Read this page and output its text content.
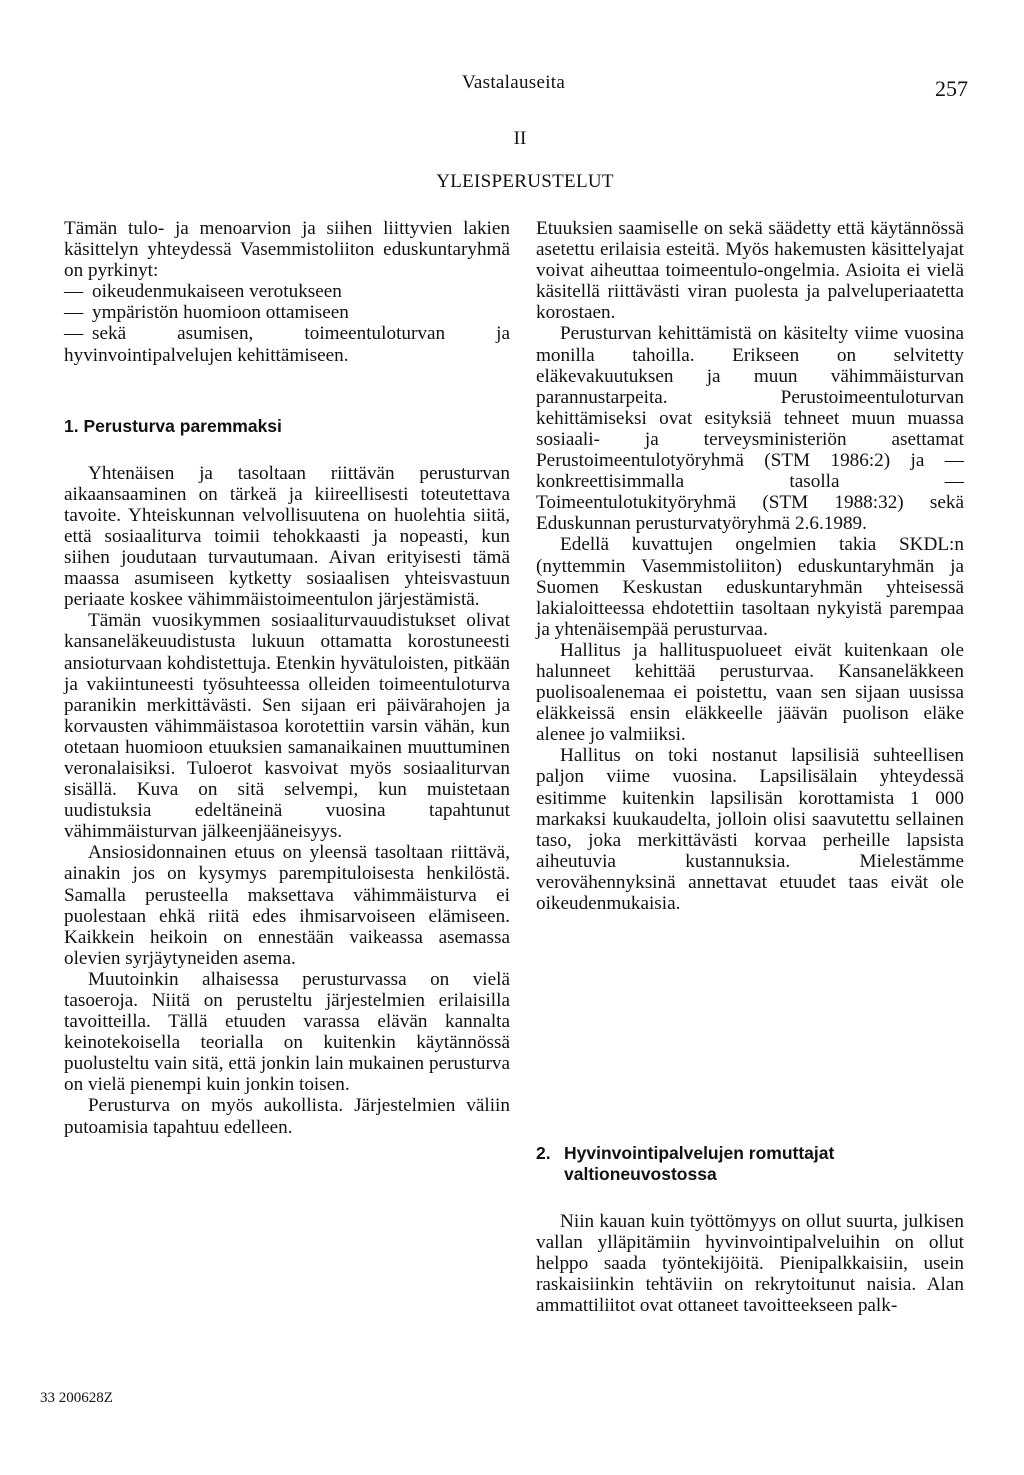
Vastalauseita	257
II
YLEISPERUSTELUT

Tämän tulo- ja menoarvion ja siihen liittyvien lakien käsittelyn yhteydessä Vasemmistoliiton eduskuntaryhmä on pyrkinyt:

— oikeudenmukaiseen verotukseen

— ympäristön huomioon ottamiseen

— sekä asumisen, toimeentuloturvan ja hyvinvointipalvelujen kehittämiseen.

1. Perusturva paremmaksi

Yhtenäisen ja tasoltaan riittävän perusturvan aikaansaaminen on tärkeä ja kiireellisesti toteutettava tavoite. Yhteiskunnan velvollisuutena on huolehtia siitä, että sosiaaliturva toimii tehokkaasti ja nopeasti, kun siihen joudutaan turvautumaan. Aivan erityisesti tämä maassa asumiseen kytketty sosiaalisen yhteisvastuun periaate koskee vähimmäistoimeentulon järjestämistä.

Tämän vuosikymmen sosiaaliturvauudistukset olivat kansaneläkeuudistusta lukuun ottamatta korostuneesti ansioturvaan kohdistettuja. Etenkin hyvätuloisten, pitkään ja vakiintuneesti työsuhteessa olleiden toimeentuloturva paranikin merkittävästi. Sen sijaan eri päivärahojen ja korvausten vähimmäistasoa korotettiin varsin vähän, kun otetaan huomioon etuuksien samanaikainen muuttuminen veronalaisiksi. Tuloerot kasvoivat myös sosiaaliturvan sisällä. Kuva on sitä selvempi, kun muistetaan uudistuksia edeltäneinä vuosina tapahtunut vähimmäisturvan jälkeenjääneisyys.

Ansiosidonnainen etuus on yleensä tasoltaan riittävä, ainakin jos on kysymys parempituloisesta henkilöstä. Samalla perusteella maksettava vähimmäisturva ei puolestaan ehkä riitä edes ihmisarvoiseen elämiseen. Kaikkein heikoin on ennestään vaikeassa asemassa olevien syrjäytyneiden asema.

Muutoinkin alhaisessa perusturvassa on vielä tasoeroja. Niitä on perusteltu järjestelmien erilaisilla tavoitteilla. Tällä etuuden varassa elävän kannalta keinotekoisella teorialla on kuitenkin käytännössä puolusteltu vain sitä, että jonkin lain mukainen perusturva on vielä pienempi kuin jonkin toisen.

Perusturva on myös aukollista. Järjestelmien väliin putoamisia tapahtuu edelleen.

Etuuksien saamiselle on sekä säädetty että käytännössä asetettu erilaisia esteitä. Myös hakemusten käsittelyajat voivat aiheuttaa toimeentulo-ongelmia. Asioita ei vielä käsitellä riittävästi viran puolesta ja palveluperiaatetta korostaen.

Perusturvan kehittämistä on käsitelty viime vuosina monilla tahoilla. Erikseen on selvitetty eläkevakuutuksen ja muun vähimmäisturvan parannustarpeita. Perustoimeentuloturvan kehittämiseksi ovat esityksiä tehneet muun muassa sosiaali- ja terveysministeriön asettamat Perustoimeentulotyöryhmä (STM 1986:2) ja — konkreettisimmalla tasolla — Toimeentulotukityöryhmä (STM 1988:32) sekä Eduskunnan perusturvatyöryhmä 2.6.1989.

Edellä kuvattujen ongelmien takia SKDL:n (nyttemmin Vasemmistoliiton) eduskuntaryhmän ja Suomen Keskustan eduskuntaryhmän yhteisessä lakialoitteessa ehdotettiin tasoltaan nykyistä parempaa ja yhtenäisempää perusturvaa.

Hallitus ja hallituspuolueet eivät kuitenkaan ole halunneet kehittää perusturvaa. Kansaneläkkeen puolisoalenemaa ei poistettu, vaan sen sijaan uusissa eläkkeissä ensin eläkkeelle jäävän puolison eläke alenee jo valmiiksi.

Hallitus on toki nostanut lapsilisiä suhteellisen paljon viime vuosina. Lapsilisälain yhteydessä esitimme kuitenkin lapsilisän korottamista 1 000 markaksi kuukaudelta, jolloin olisi saavutettu sellainen taso, joka merkittävästi korvaa perheille lapsista aiheutuvia kustannuksia. Mielestämme verovähennyksinä annettavat etuudet taas eivät ole oikeudenmukaisia.

2. Hyvinvointipalvelujen romuttajat valtioneuvostossa

Niin kauan kuin työttömyys on ollut suurta, julkisen vallan ylläpitämiin hyvinvointipalveluihin on ollut helppo saada työntekijöitä. Pienipalkkaisiin, usein raskaisiinkin tehtäviin on rekrytoitunut naisia. Alan ammattiliitot ovat ottaneet tavoitteekseen palk-

33 200628Z
